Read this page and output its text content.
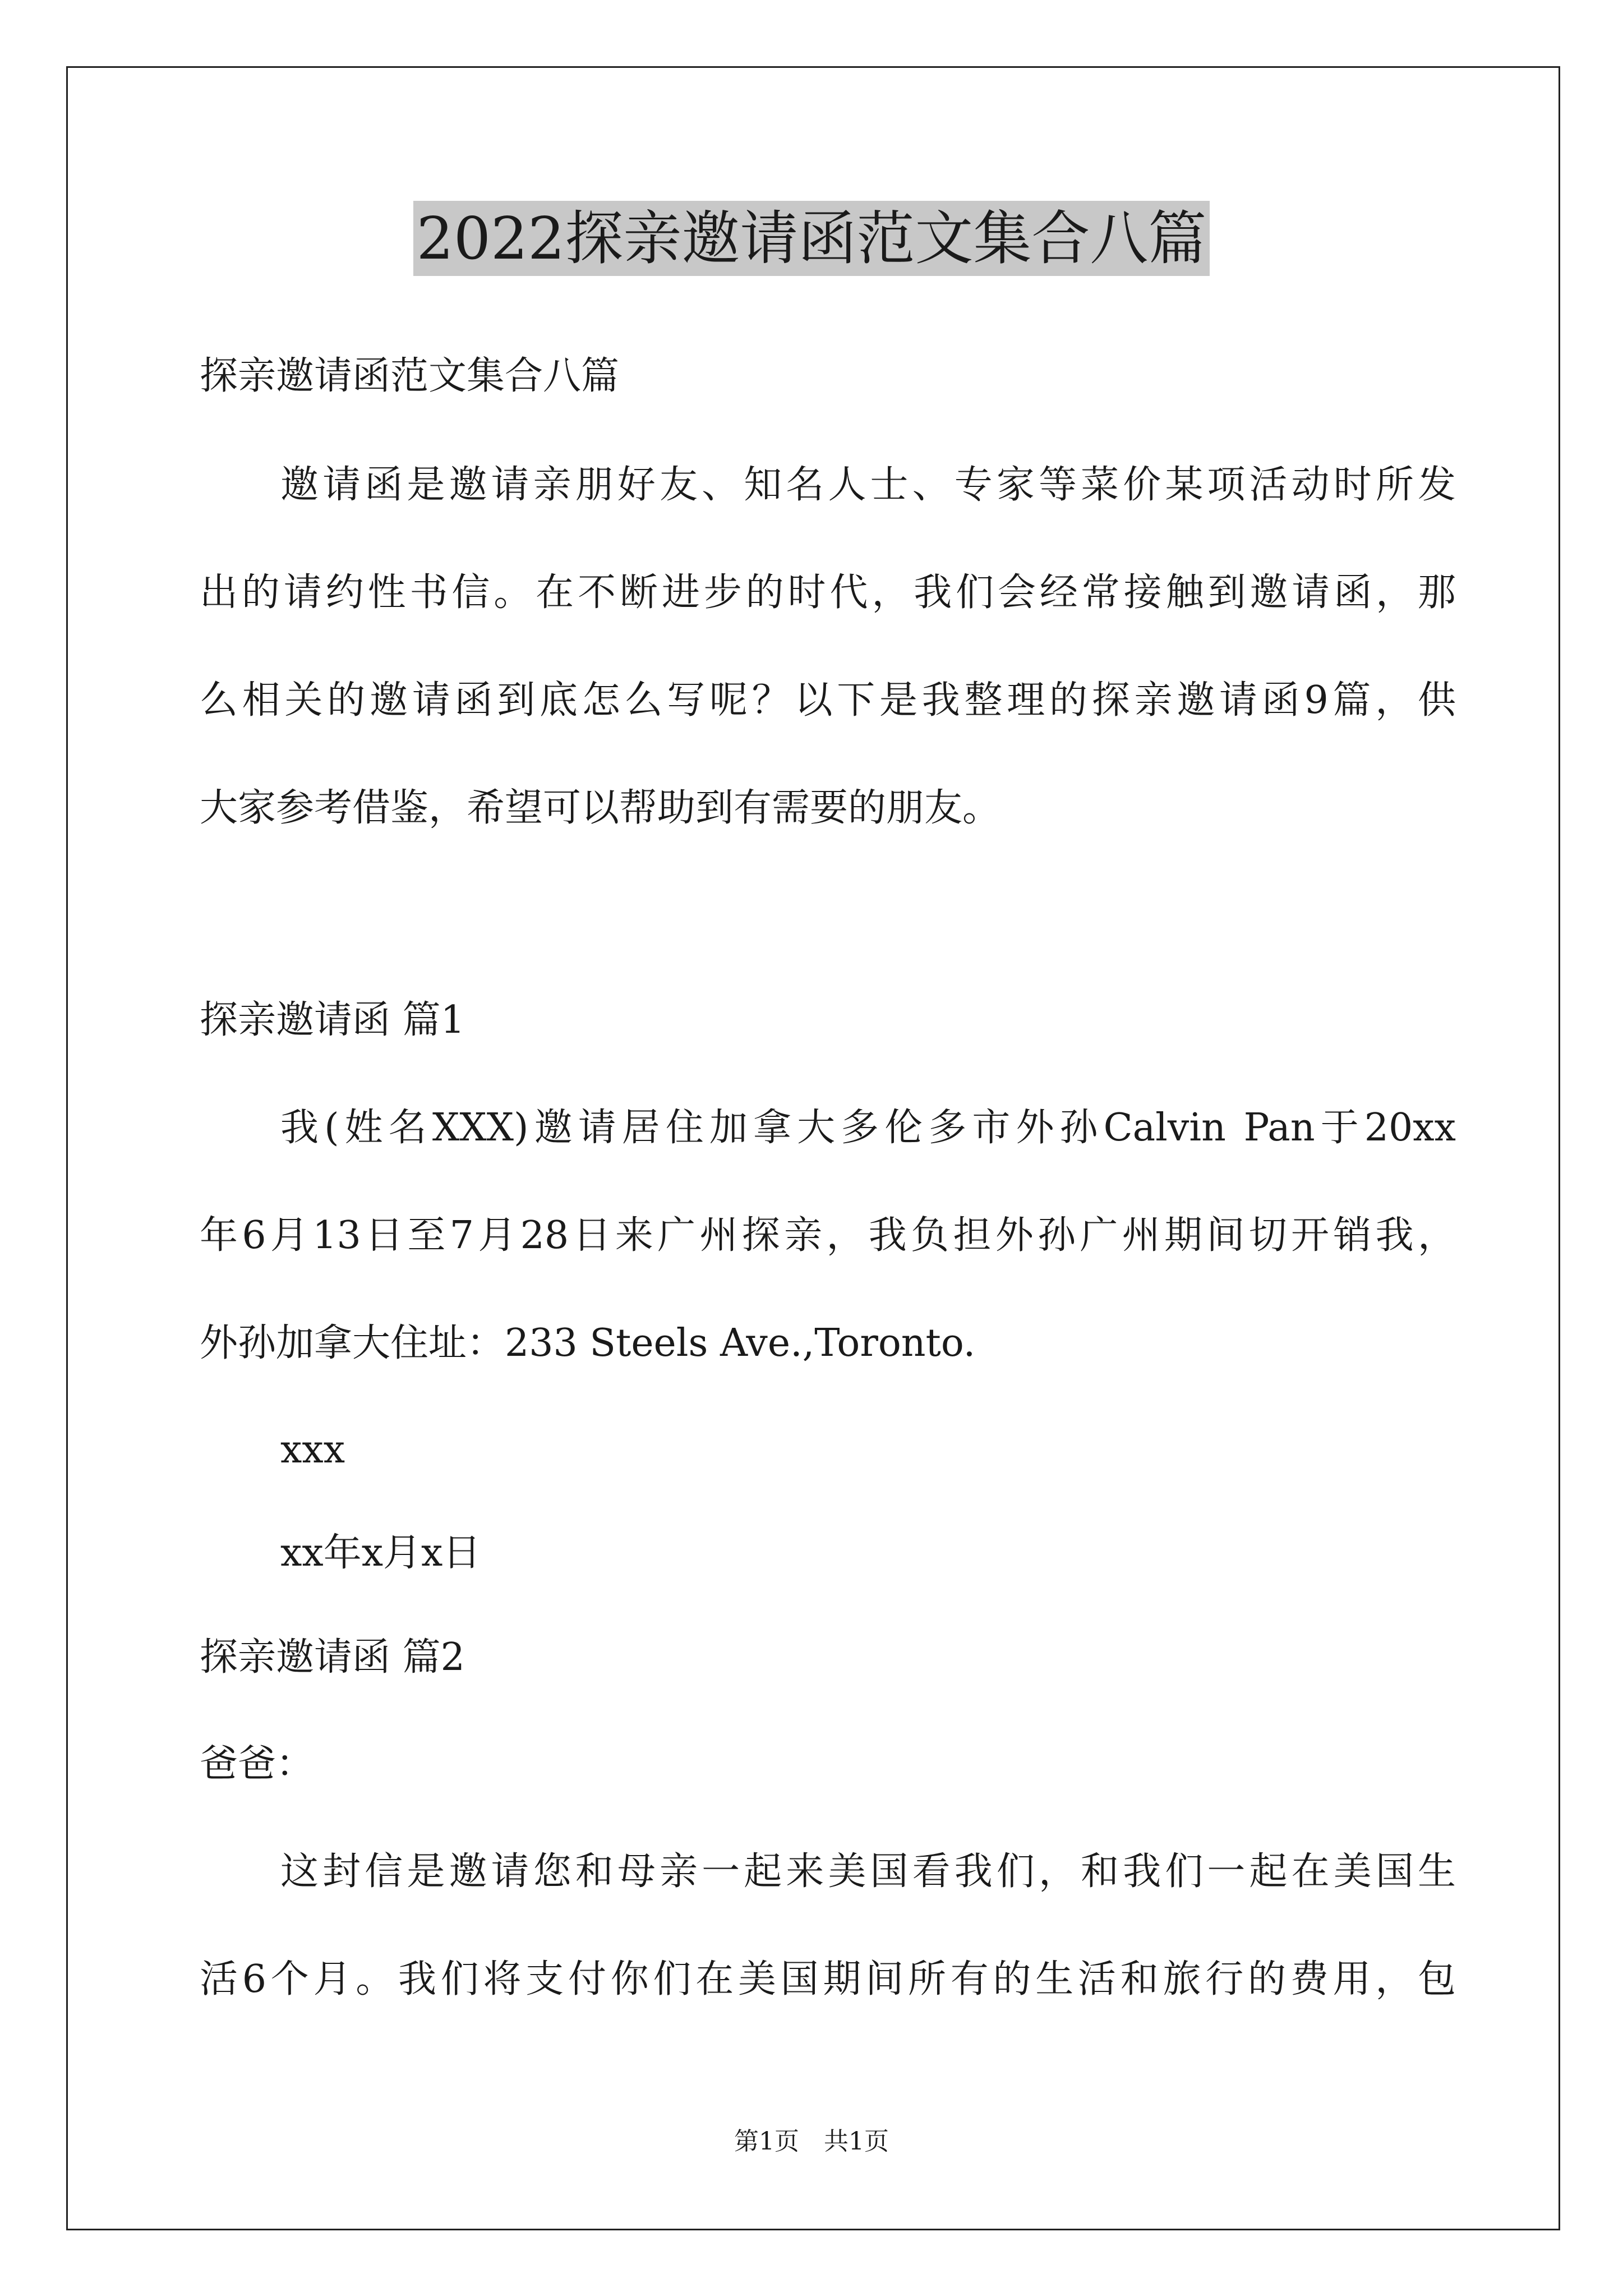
2022探亲邀请函范文集合八篇
探亲邀请函范文集合八篇
邀请函是邀请亲朋好友、知名人士、专家等菜价某项活动时所发
出的请约性书信。在不断进步的时代，我们会经常接触到邀请函，那
么相关的邀请函到底怎么写呢？以下是我整理的探亲邀请函9篇，供
大家参考借鉴，希望可以帮助到有需要的朋友。
探亲邀请函 篇1
我(姓名XXX)邀请居住加拿大多伦多市外孙Calvin Pan于20xx
年6月13日至7月28日来广州探亲，我负担外孙广州期间切开销我，
外孙加拿大住址：233 Steels Ave.,Toronto.
xxx
xx年x月x日
探亲邀请函 篇2
爸爸：
这封信是邀请您和母亲一起来美国看我们，和我们一起在美国生
活6个月。我们将支付你们在美国期间所有的生活和旅行的费用，包
第1页　共1页
